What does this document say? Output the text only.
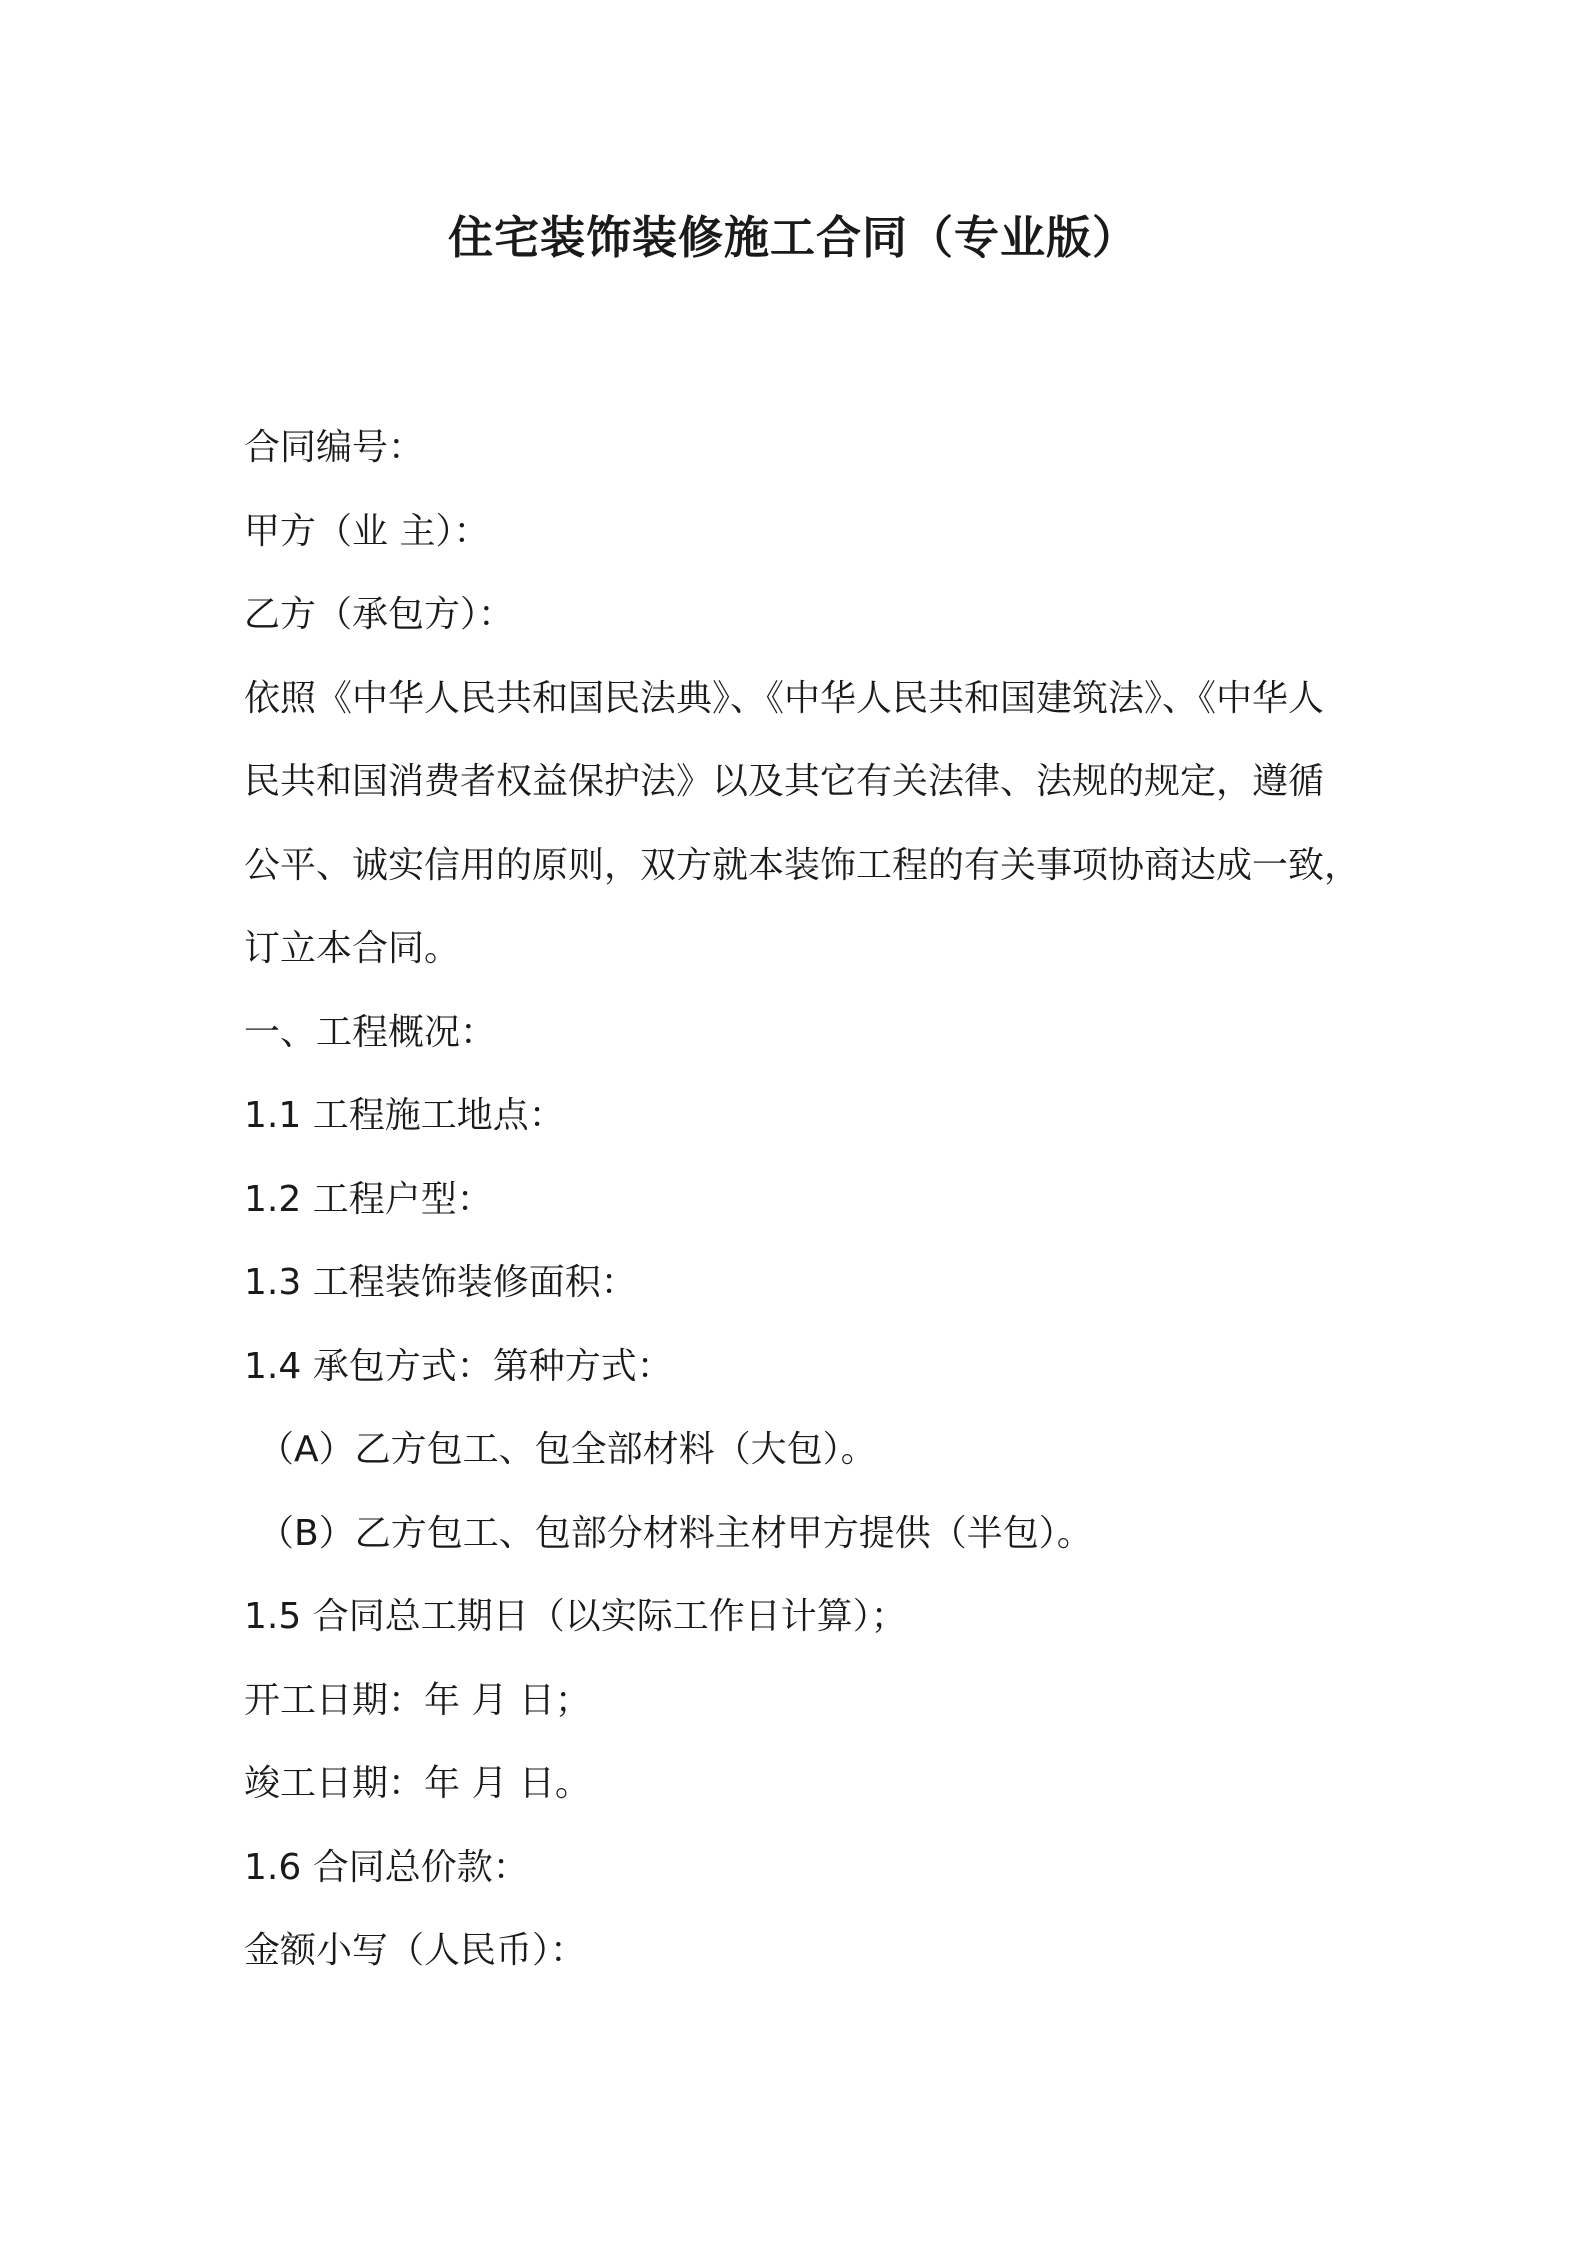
住宅装饰装修施工合同（专业版）

合同编号：

甲方（业 主）：

乙方（承包方）：

依照《中华人民共和国民法典》、《中华人民共和国建筑法》、《中华人

民共和国消费者权益保护法》以及其它有关法律、法规的规定，遵循

公平、诚实信用的原则，双方就本装饰工程的有关事项协商达成一致，

订立本合同。

一、工程概况：

1.1 工程施工地点：

1.2 工程户型：

1.3 工程装饰装修面积：

1.4 承包方式：第种方式：

（A）乙方包工、包全部材料（大包）。

（B）乙方包工、包部分材料主材甲方提供（半包）。

1.5 合同总工期日（以实际工作日计算）；

开工日期：年 月 日；

竣工日期：年 月 日。

1.6 合同总价款：

金额小写（人民币）：
